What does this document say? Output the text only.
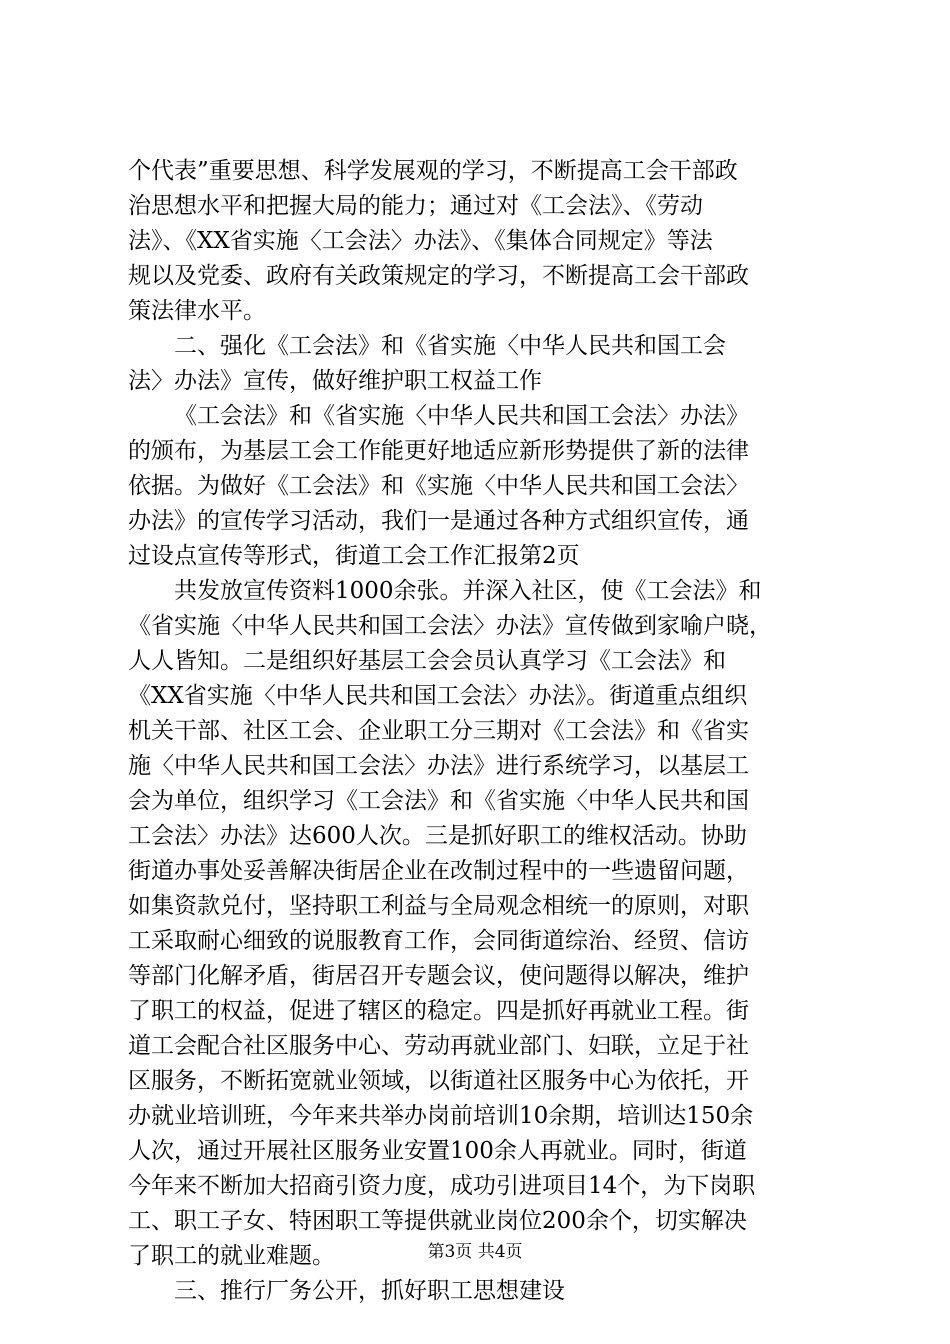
个代表”重要思想、科学发展观的学习，不断提高工会干部政
治思想水平和把握大局的能力；通过对《工会法》、《劳动
法》、《XX省实施〈工会法〉办法》、《集体合同规定》等法
规以及党委、政府有关政策规定的学习，不断提高工会干部政
策法律水平。
二、强化《工会法》和《省实施〈中华人民共和国工会
法〉办法》宣传，做好维护职工权益工作
《工会法》和《省实施〈中华人民共和国工会法〉办法》
的颁布，为基层工会工作能更好地适应新形势提供了新的法律
依据。为做好《工会法》和《实施〈中华人民共和国工会法〉
办法》的宣传学习活动，我们一是通过各种方式组织宣传，通
过设点宣传等形式，街道工会工作汇报第2页
共发放宣传资料1000余张。并深入社区，使《工会法》和
《省实施〈中华人民共和国工会法〉办法》宣传做到家喻户晓，
人人皆知。二是组织好基层工会会员认真学习《工会法》和
《XX省实施〈中华人民共和国工会法〉办法》。街道重点组织
机关干部、社区工会、企业职工分三期对《工会法》和《省实
施〈中华人民共和国工会法〉办法》进行系统学习，以基层工
会为单位，组织学习《工会法》和《省实施〈中华人民共和国
工会法〉办法》达600人次。三是抓好职工的维权活动。协助
街道办事处妥善解决街居企业在改制过程中的一些遗留问题，
如集资款兑付，坚持职工利益与全局观念相统一的原则，对职
工采取耐心细致的说服教育工作，会同街道综治、经贸、信访
等部门化解矛盾，街居召开专题会议，使问题得以解决，维护
了职工的权益，促进了辖区的稳定。四是抓好再就业工程。街
道工会配合社区服务中心、劳动再就业部门、妇联，立足于社
区服务，不断拓宽就业领域，以街道社区服务中心为依托，开
办就业培训班，今年来共举办岗前培训10余期，培训达150余
人次，通过开展社区服务业安置100余人再就业。同时，街道
今年来不断加大招商引资力度，成功引进项目14个，为下岗职
工、职工子女、特困职工等提供就业岗位200余个，切实解决
了职工的就业难题。
三、推行厂务公开，抓好职工思想建设
第3页 共4页
